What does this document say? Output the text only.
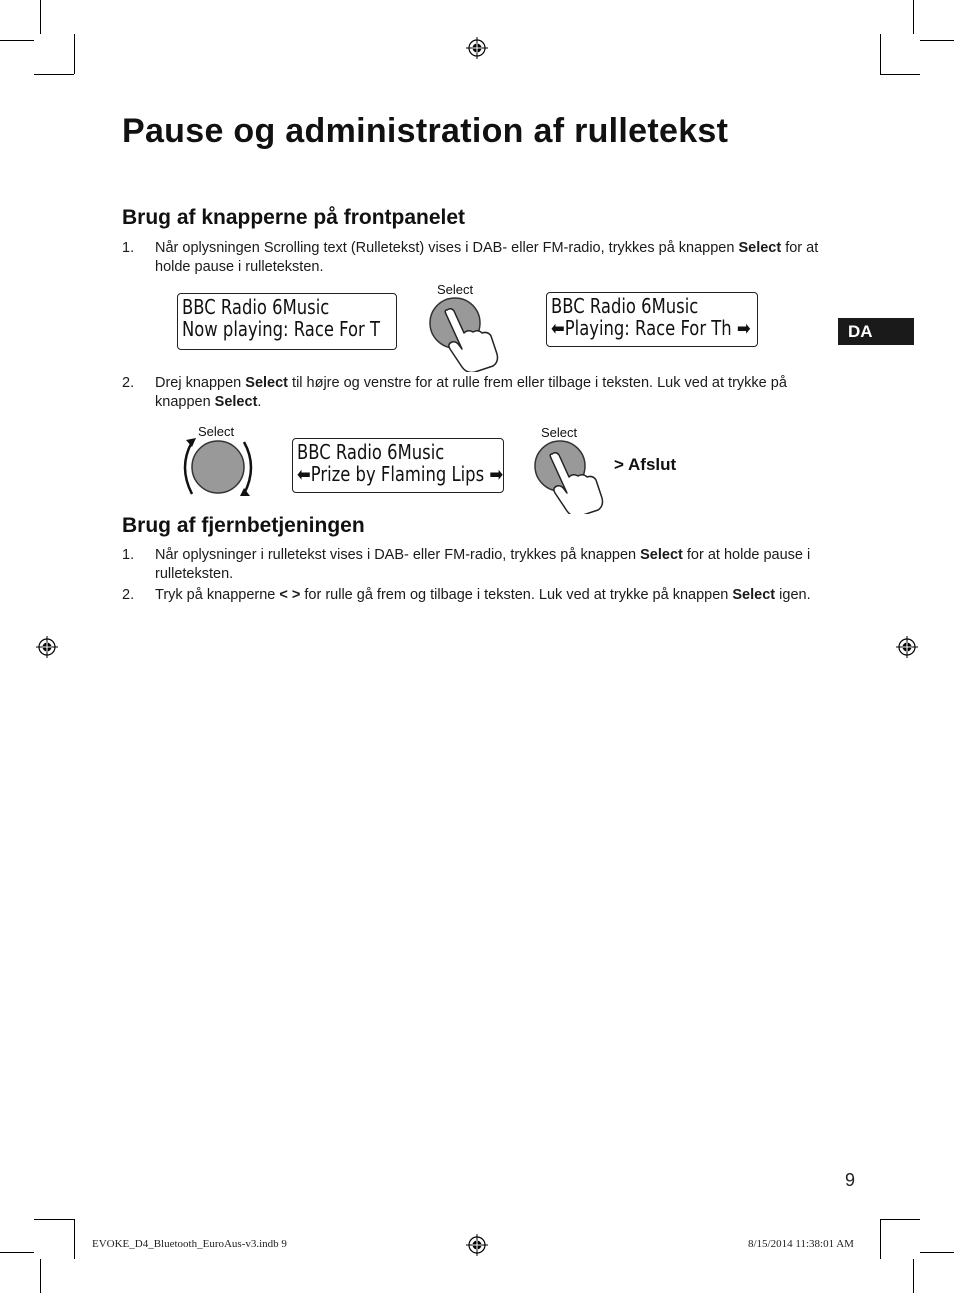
Pause og administration af rulletekst
DA
Brug af knapperne på frontpanelet
1. Når oplysningen Scrolling text (Rulletekst) vises i DAB- eller FM-radio, trykkes på knappen Select for at holde pause i rulleteksten.
BBC Radio 6Music
Now playing: Race For T
Select
BBC Radio 6Music
⬅Playing: Race For Th ➡
2. Drej knappen Select til højre og venstre for at rulle frem eller tilbage i teksten. Luk ved at trykke på knappen Select.
Select
BBC Radio 6Music
⬅Prize by Flaming Lips ➡
Select
> Afslut
Brug af fjernbetjeningen
1. Når oplysninger i rulletekst vises i DAB- eller FM-radio, trykkes på knappen Select for at holde pause i rulleteksten.
2. Tryk på knapperne < > for rulle gå frem og tilbage i teksten. Luk ved at trykke på knappen Select igen.
9
EVOKE_D4_Bluetooth_EuroAus-v3.indb 9	8/15/2014 11:38:01 AM
